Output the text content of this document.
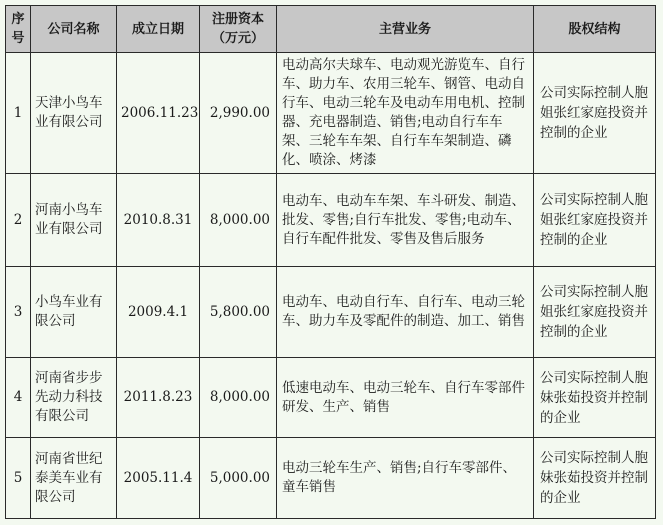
序号	公司名称	成立日期	注册资本（万元）	主营业务	股权结构
1	天津小鸟车业有限公司	2006.11.23	2,990.00	电动高尔夫球车、电动观光游览车、自行车、助力车、农用三轮车、钢管、电动自行车、电动三轮车及电动车用电机、控制器、充电器制造、销售;电动自行车车架、三轮车车架、自行车车架制造、磷化、喷涂、烤漆	公司实际控制人胞姐张红家庭投资并控制的企业
2	河南小鸟车业有限公司	2010.8.31	8,000.00	电动车、电动车车架、车斗研发、制造、批发、零售;自行车批发、零售;电动车、自行车配件批发、零售及售后服务	公司实际控制人胞姐张红家庭投资并控制的企业
3	小鸟车业有限公司	2009.4.1	5,800.00	电动车、电动自行车、自行车、电动三轮车、助力车及零配件的制造、加工、销售	公司实际控制人胞姐张红家庭投资并控制的企业
4	河南省步步先动力科技有限公司	2011.8.23	8,000.00	低速电动车、电动三轮车、自行车零部件研发、生产、销售	公司实际控制人胞妹张茹投资并控制的企业
5	河南省世纪泰美车业有限公司	2005.11.4	5,000.00	电动三轮车生产、销售;自行车零部件、童车销售	公司实际控制人胞妹张茹投资并控制的企业
